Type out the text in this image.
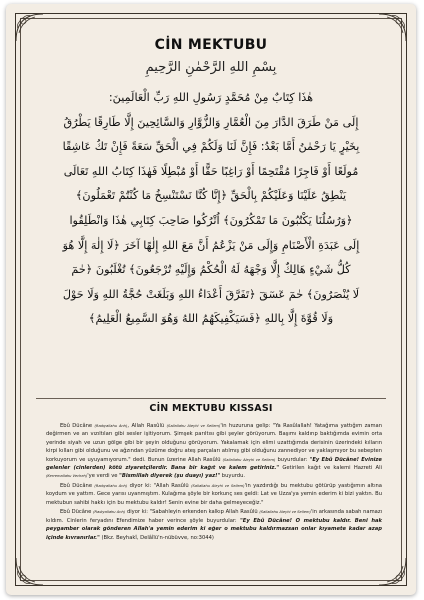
CİN MEKTUBU
بِسْمِ اللهِ الرَّحْمٰنِ الرَّحِيمِ
هٰذَا كِتَابٌ مِنْ مُحَمَّدٍ رَسُولِ اللهِ رَبِّ الْعَالَمِينَ:
إِلَى مَنْ طَرَقَ الدَّارَ مِنَ الْعُمَّارِ وَالزُّوَّارِ وَالسَّائِحِينَ إِلَّا طَارِقًا يَطْرُقُ
بِخَيْرٍ يَا رَحْمٰنُ أَمَّا بَعْدُ: فَإِنَّ لَنَا وَلَكُمْ فِي الْحَقِّ سَعَةً فَإِنْ تَكُ عَاشِقًا
مُولَعًا أَوْ فَاجِرًا مُقْتَحِمًا أَوْ رَاغِبًا حَقًّا أَوْ مُبْطِلًا فَهٰذَا كِتَابُ اللهِ تَعَالَى
يَنْطِقُ عَلَيْنَا وَعَلَيْكُمْ بِالْحَقِّ ﴿إِنَّا كُنَّا نَسْتَنْسِخُ مَا كُنْتُمْ تَعْمَلُونَ﴾
﴿وَرُسُلُنَا يَكْتُبُونَ مَا تَمْكُرُونَ﴾ اُتْرُكُوا صَاحِبَ كِتَابِي هٰذَا وَانْطَلِقُوا
إِلَى عَبَدَةِ الْأَصْنَامِ وَإِلَى مَنْ يَزْعُمُ أَنَّ مَعَ اللهِ إِلٰهًا آخَرَ ﴿لَا إِلٰهَ إِلَّا هُوَ
كُلُّ شَيْءٍ هَالِكٌ إِلَّا وَجْهَهُ لَهُ الْحُكْمُ وَإِلَيْهِ تُرْجَعُونَ﴾ تُغْلَبُونَ ﴿حٰمٓ
لَا يُنْصَرُونَ﴾ حٰمٓ عٓسٓقٓ ﴿تَفَرَّقَ أَعْدَاءُ اللهِ وَبَلَغَتْ حُجَّةُ اللهِ وَلَا حَوْلَ
وَلَا قُوَّةَ إِلَّا بِاللهِ ﴿فَسَيَكْفِيكَهُمُ اللهُ وَهُوَ السَّمِيعُ الْعَلِيمُ﴾
CİN MEKTUBU KISSASI

Ebû Dücâne (Radıyallahu Anh), Allah Rasûlü (Sallallahu Aleyhi ve Sellem)'in huzuruna gelip: "Ya Rasûlallah! Yatağıma yattığım zaman değirmen ve an vızıltıları gibi sesler işitiyorum. Şimşek parıltısı gibi şeyler görüyorum. Başımı kaldırıp baktığımda evimin orta yerinde siyah ve uzun gölge gibi bir şeyin olduğunu görüyorum. Yakalamak için elimi uzattığımda derisinin üzerindeki kılların kirpi kılları gibi olduğunu ve ağzından yüzüme doğru ateş parçaları atılmış gibi olduğunu zannediyor ve yaklaşmıyor bu sebepten korkuyorum ve uyuyamıyorum." dedi. Bunun üzerine Allah Rasûlü (Sallallahu Aleyhi ve Sellem) buyurdular: "Ey Ebû Dücâne! Evinize gelenler (cinlerden) kötü ziyaretçilerdir. Bana bir kağıt ve kalem getiriniz." Getirilen kağıt ve kalemi Hazreti Ali (Kerremallahu Vecheh)'ye verdi ve "Bismillah diyerek (şu duayı) yaz!" buyurdu.

Ebû Dücâne (Radıyallahu Anh) diyor ki: "Allah Rasûlü (Sallallahu Aleyhi ve Sellem)'in yazdırdığı bu mektubu götürüp yastığımın altına koydum ve yattım. Gece yarısı uyanmıştım. Kulağıma şöyle bir korkunç ses geldi: Lat ve Uzza'ya yemin ederim ki bizi yaktın. Bu mektubun sahibi hakkı için bu mektubu kaldır! Senin evine bir daha gelmeyeceğiz."

Ebû Dücâne (Radıyallahu Anh) diyor ki: "Sabahleyin erkenden kalkıp Allah Rasûlü (Sallallahu Aleyhi ve Sellem)'in arkasında sabah namazı kıldım. Cinlerin feryadını Efendimize haber verince şöyle buyurdular: "Ey Ebû Dücâne! O mektubu kaldır. Beni hak peygamber olarak gönderen Allah'a yemin ederim ki eğer o mektubu kaldırmazsan onlar kıyamete kadar azap içinde kıvranırlar." (Bkz. Beyhakî, Delâîlü'n-nübüvve, no:3044)
